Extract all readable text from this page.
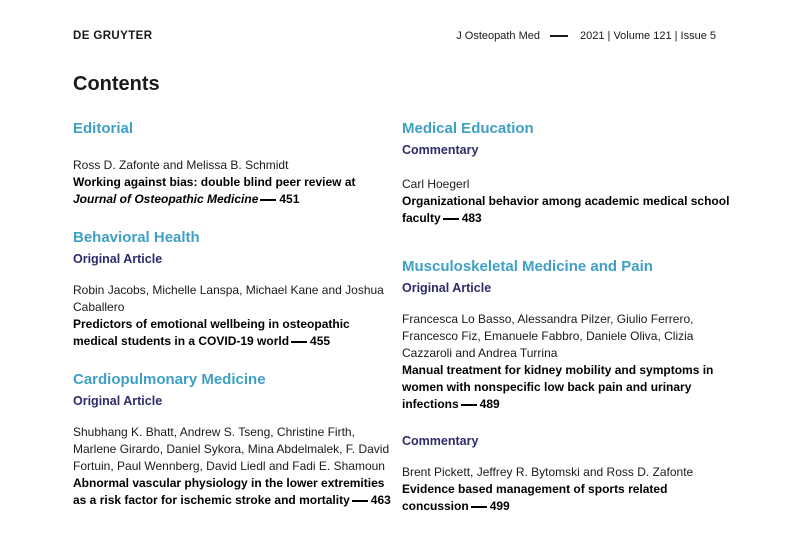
DE GRUYTER	J Osteopath Med	2021 | Volume 121 | Issue 5
Contents
Editorial
Ross D. Zafonte and Melissa B. Schmidt
Working against bias: double blind peer review at Journal of Osteopathic Medicine 451
Behavioral Health
Original Article
Robin Jacobs, Michelle Lanspa, Michael Kane and Joshua Caballero
Predictors of emotional wellbeing in osteopathic medical students in a COVID-19 world 455
Cardiopulmonary Medicine
Original Article
Shubhang K. Bhatt, Andrew S. Tseng, Christine Firth, Marlene Girardo, Daniel Sykora, Mina Abdelmalek, F. David Fortuin, Paul Wennberg, David Liedl and Fadi E. Shamoun
Abnormal vascular physiology in the lower extremities as a risk factor for ischemic stroke and mortality 463
Medical Education
Commentary
Carl Hoegerl
Organizational behavior among academic medical school faculty 483
Musculoskeletal Medicine and Pain
Original Article
Francesca Lo Basso, Alessandra Pilzer, Giulio Ferrero, Francesco Fiz, Emanuele Fabbro, Daniele Oliva, Clizia Cazzaroli and Andrea Turrina
Manual treatment for kidney mobility and symptoms in women with nonspecific low back pain and urinary infections 489
Commentary
Brent Pickett, Jeffrey R. Bytomski and Ross D. Zafonte
Evidence based management of sports related concussion 499
